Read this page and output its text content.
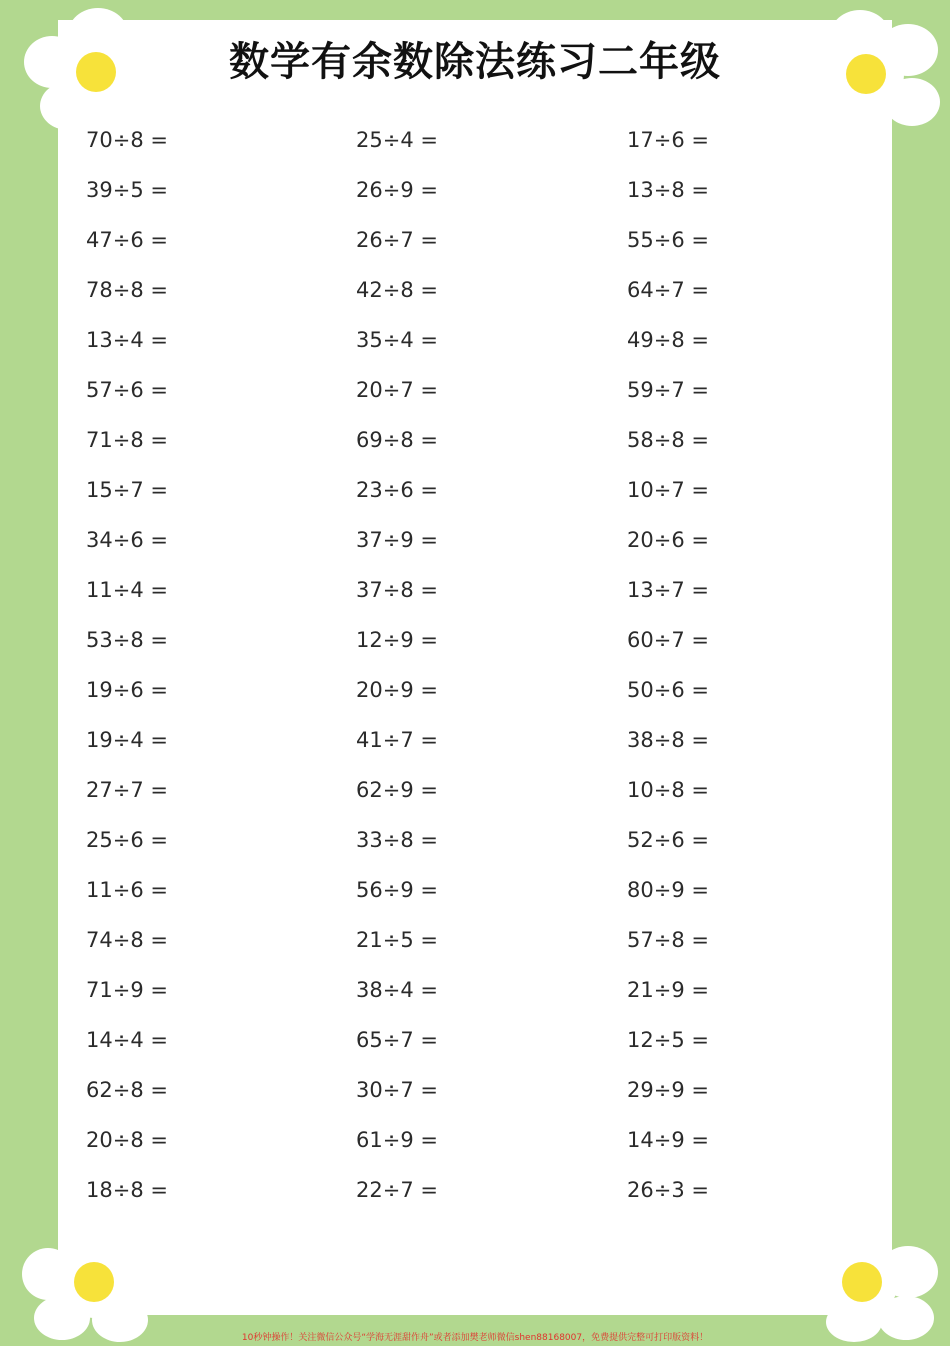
数学有余数除法练习二年级
70÷8 =	25÷4 =	17÷6 =
39÷5 =	26÷9 =	13÷8 =
47÷6 =	26÷7 =	55÷6 =
78÷8 =	42÷8 =	64÷7 =
13÷4 =	35÷4 =	49÷8 =
57÷6 =	20÷7 =	59÷7 =
71÷8 =	69÷8 =	58÷8 =
15÷7 =	23÷6 =	10÷7 =
34÷6 =	37÷9 =	20÷6 =
11÷4 =	37÷8 =	13÷7 =
53÷8 =	12÷9 =	60÷7 =
19÷6 =	20÷9 =	50÷6 =
19÷4 =	41÷7 =	38÷8 =
27÷7 =	62÷9 =	10÷8 =
25÷6 =	33÷8 =	52÷6 =
11÷6 =	56÷9 =	80÷9 =
74÷8 =	21÷5 =	57÷8 =
71÷9 =	38÷4 =	21÷9 =
14÷4 =	65÷7 =	12÷5 =
62÷8 =	30÷7 =	29÷9 =
20÷8 =	61÷9 =	14÷9 =
18÷8 =	22÷7 =	26÷3 =
10秒钟操作！关注微信公众号“学海无涯甜作舟”或者添加樊老师微信shen88168007，免费提供完整可打印版资料！
